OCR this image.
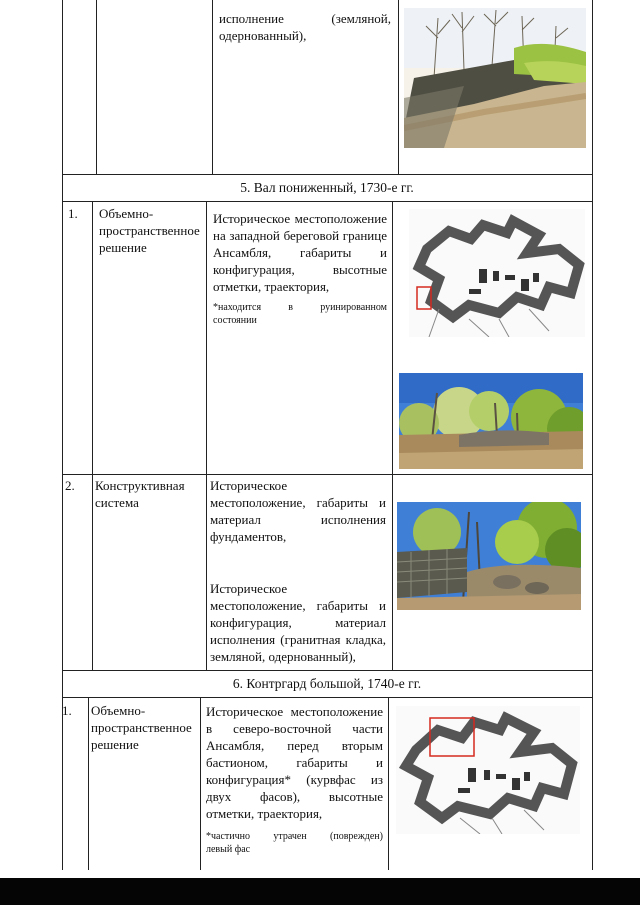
исполнение (земляной,
одернованный),
5. Вал пониженный, 1730-е гг.
1. Объемно-
пространственное
решение
Историческое местоположение
на западной береговой границе
Ансамбля, габариты и
конфигурация, высотные
отметки, траектория,
*находится в руинированном
состоянии
2. Конструктивная
система
Историческое
местоположение, габариты и
материал исполнения
фундаментов,
Историческое
местоположение, габариты и
конфигурация, материал
исполнения (гранитная кладка,
земляной, одернованный),
6. Контргард большой, 1740-е гг.
1. Объемно-
пространственное
решение
Историческое местоположение
в северо-восточной части
Ансамбля, перед вторым
бастионом, габариты и
конфигурация* (курвфас из
двух фасов), высотные
отметки, траектория,
*частично утрачен (поврежден)
левый фас
